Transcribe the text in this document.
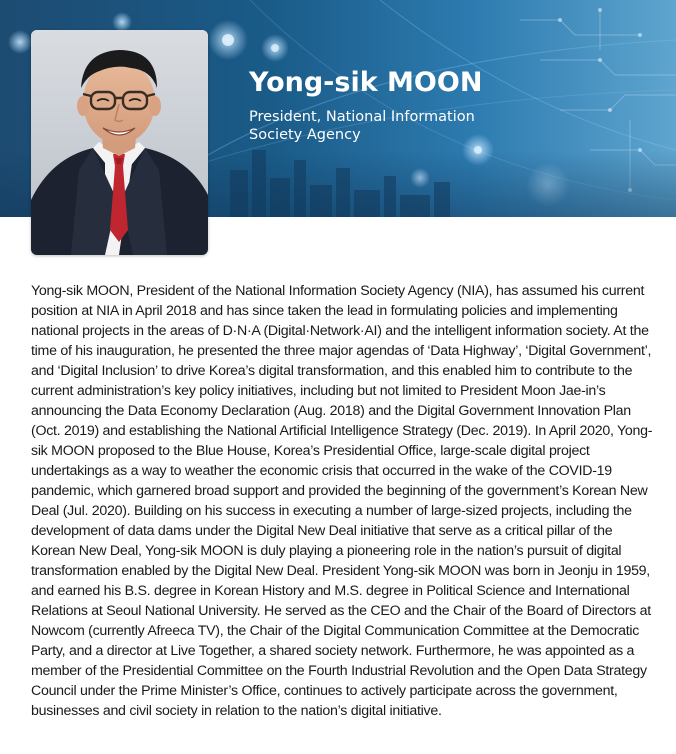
Yong-sik MOON

President, National Information Society Agency

Yong-sik MOON, President of the National Information Society Agency (NIA), has assumed his current position at NIA in April 2018 and has since taken the lead in formulating policies and implementing national projects in the areas of D·N·A (Digital·Network·AI) and the intelligent information society. At the time of his inauguration, he presented the three major agendas of ‘Data Highway’, ‘Digital Government’, and ‘Digital Inclusion’ to drive Korea’s digital transformation, and this enabled him to contribute to the current administration’s key policy initiatives, including but not limited to President Moon Jae-in’s announcing the Data Economy Declaration (Aug. 2018) and the Digital Government Innovation Plan (Oct. 2019) and establishing the National Artificial Intelligence Strategy (Dec. 2019). In April 2020, Yong-sik MOON proposed to the Blue House, Korea’s Presidential Office, large-scale digital project undertakings as a way to weather the economic crisis that occurred in the wake of the COVID-19 pandemic, which garnered broad support and provided the beginning of the government’s Korean New Deal (Jul. 2020). Building on his success in executing a number of large-sized projects, including the development of data dams under the Digital New Deal initiative that serve as a critical pillar of the Korean New Deal, Yong-sik MOON is duly playing a pioneering role in the nation’s pursuit of digital transformation enabled by the Digital New Deal. President Yong-sik MOON was born in Jeonju in 1959, and earned his B.S. degree in Korean History and M.S. degree in Political Science and International Relations at Seoul National University. He served as the CEO and the Chair of the Board of Directors at Nowcom (currently Afreeca TV), the Chair of the Digital Communication Committee at the Democratic Party, and a director at Live Together, a shared society network. Furthermore, he was appointed as a member of the Presidential Committee on the Fourth Industrial Revolution and the Open Data Strategy Council under the Prime Minister’s Office, continues to actively participate across the government, businesses and civil society in relation to the nation’s digital initiative.
